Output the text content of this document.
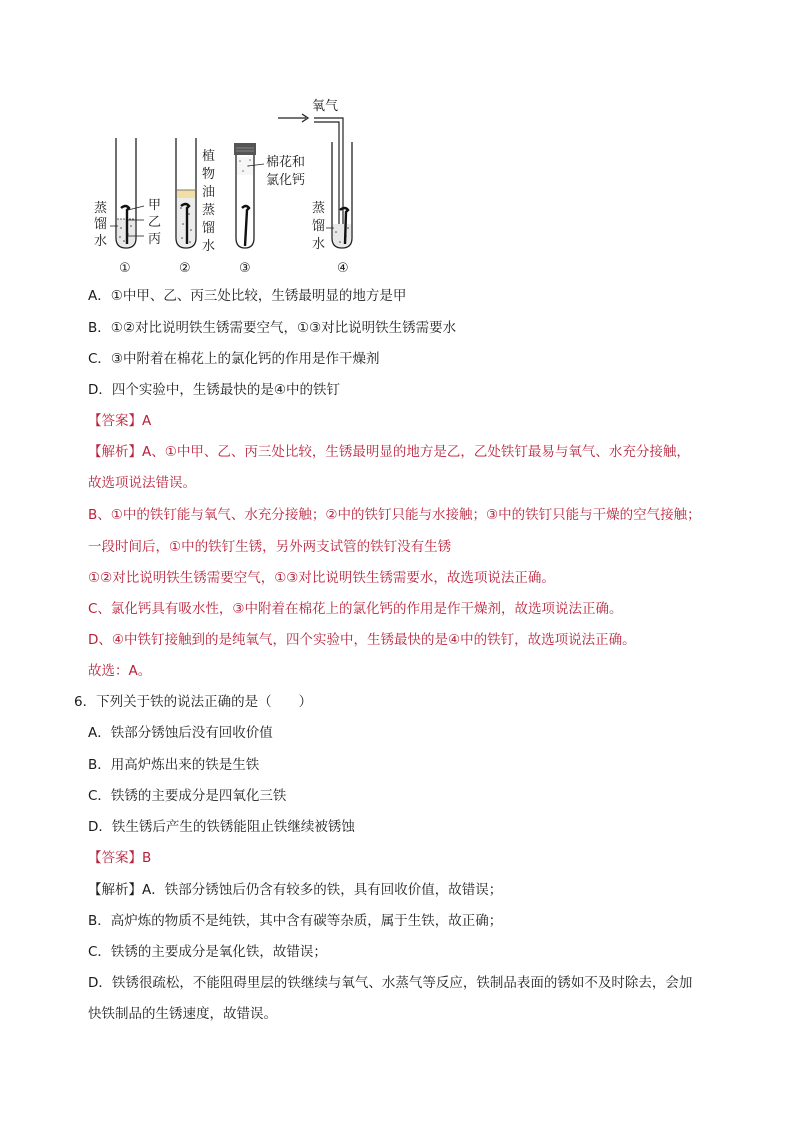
蒸
馏
水
甲
乙
丙
①
植
物
油
蒸
馏
水
②
棉花和
氯化钙
③
氧气
蒸
馏
水
④
A．①中甲、乙、丙三处比较，生锈最明显的地方是甲
B．①②对比说明铁生锈需要空气，①③对比说明铁生锈需要水
C．③中附着在棉花上的氯化钙的作用是作干燥剂
D．四个实验中，生锈最快的是④中的铁钉
【答案】A
【解析】A、①中甲、乙、丙三处比较，生锈最明显的地方是乙，乙处铁钉最易与氧气、水充分接触，
故选项说法错误。
B、①中的铁钉能与氧气、水充分接触；②中的铁钉只能与水接触；③中的铁钉只能与干燥的空气接触；
一段时间后，①中的铁钉生锈，另外两支试管的铁钉没有生锈
①②对比说明铁生锈需要空气，①③对比说明铁生锈需要水，故选项说法正确。
C、氯化钙具有吸水性，③中附着在棉花上的氯化钙的作用是作干燥剂，故选项说法正确。
D、④中铁钉接触到的是纯氧气，四个实验中，生锈最快的是④中的铁钉，故选项说法正确。
故选：A。
6．下列关于铁的说法正确的是（　　）
A．铁部分锈蚀后没有回收价值
B．用高炉炼出来的铁是生铁
C．铁锈的主要成分是四氧化三铁
D．铁生锈后产生的铁锈能阻止铁继续被锈蚀
【答案】B
【解析】A．铁部分锈蚀后仍含有较多的铁，具有回收价值，故错误；
B．高炉炼的物质不是纯铁，其中含有碳等杂质，属于生铁，故正确；
C．铁锈的主要成分是氧化铁，故错误；
D．铁锈很疏松，不能阻碍里层的铁继续与氧气、水蒸气等反应，铁制品表面的锈如不及时除去，会加
快铁制品的生锈速度，故错误。
